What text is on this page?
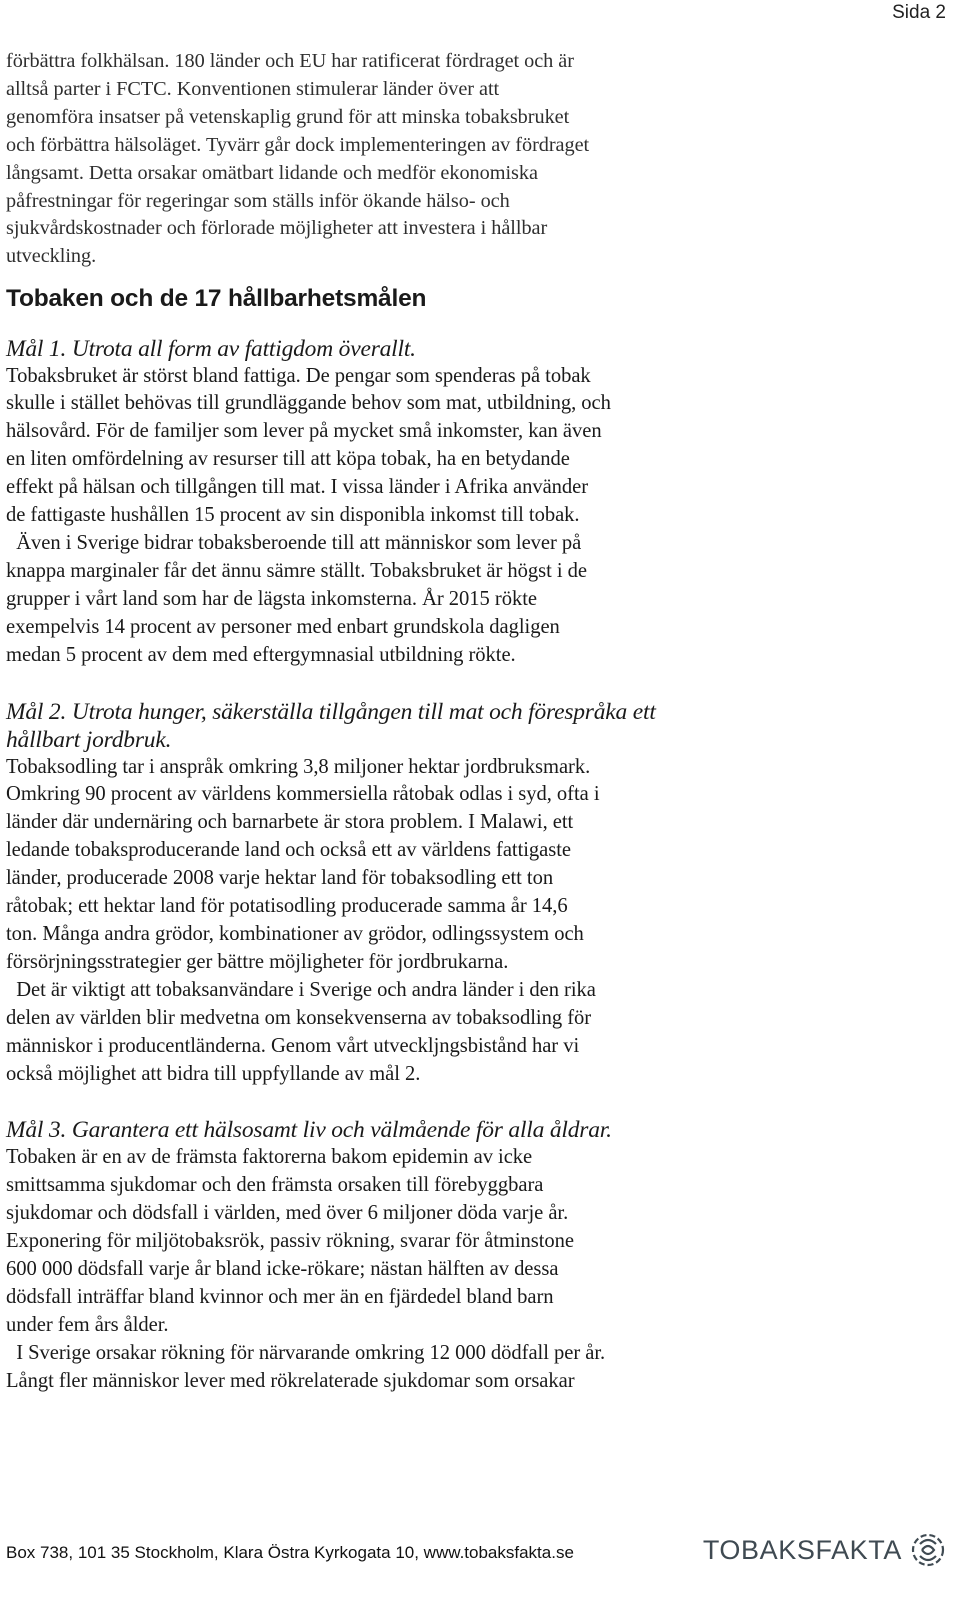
Sida 2
förbättra folkhälsan. 180 länder och EU har ratificerat fördraget och är
alltså parter i FCTC. Konventionen stimulerar länder över att
genomföra insatser på vetenskaplig grund för att minska tobaksbruket
och förbättra hälsoläget. Tyvärr går dock implementeringen av fördraget
långsamt. Detta orsakar omätbart lidande och medför ekonomiska
påfrestningar för regeringar som ställs inför ökande hälso- och
sjukvårdskostnader och förlorade möjligheter att investera i hållbar
utveckling.
Tobaken och de 17 hållbarhetsmålen
Mål 1. Utrota all form av fattigdom överallt.
Tobaksbruket är störst bland fattiga. De pengar som spenderas på tobak
skulle i stället behövas till grundläggande behov som mat, utbildning, och
hälsovård. För de familjer som lever på mycket små inkomster, kan även
en liten omfördelning av resurser till att köpa tobak, ha en betydande
effekt på hälsan och tillgången till mat. I vissa länder i Afrika använder
de fattigaste hushållen 15 procent av sin disponibla inkomst till tobak.
Även i Sverige bidrar tobaksberoende till att människor som lever på
knappa marginaler får det ännu sämre ställt. Tobaksbruket är högst i de
grupper i vårt land som har de lägsta inkomsterna. År 2015 rökte
exempelvis 14 procent av personer med enbart grundskola dagligen
medan 5 procent av dem med eftergymnasial utbildning rökte.
Mål 2. Utrota hunger, säkerställa tillgången till mat och förespråka ett
hållbart jordbruk.
Tobaksodling tar i anspråk omkring 3,8 miljoner hektar jordbruksmark.
Omkring 90 procent av världens kommersiella råtobak odlas i syd, ofta i
länder där undernäring och barnarbete är stora problem. I Malawi, ett
ledande tobaksproducerande land och också ett av världens fattigaste
länder, producerade 2008 varje hektar land för tobaksodling ett ton
råtobak; ett hektar land för potatisodling producerade samma år 14,6
ton. Många andra grödor, kombinationer av grödor, odlingssystem och
försörjningsstrategier ger bättre möjligheter för jordbrukarna.
Det är viktigt att tobaksanvändare i Sverige och andra länder i den rika
delen av världen blir medvetna om konsekvenserna av tobaksodling för
människor i producentländerna. Genom vårt utveckljngsbistånd har vi
också möjlighet att bidra till uppfyllande av mål 2.
Mål 3. Garantera ett hälsosamt liv och välmående för alla åldrar.
Tobaken är en av de främsta faktorerna bakom epidemin av icke
smittsamma sjukdomar och den främsta orsaken till förebyggbara
sjukdomar och dödsfall i världen, med över 6 miljoner döda varje år.
Exponering för miljötobaksrök, passiv rökning, svarar för åtminstone
600 000 dödsfall varje år bland icke-rökare; nästan hälften av dessa
dödsfall inträffar bland kvinnor och mer än en fjärdedel bland barn
under fem års ålder.
I Sverige orsakar rökning för närvarande omkring 12 000 dödfall per år.
Långt fler människor lever med rökrelaterade sjukdomar som orsakar
Box 738, 101 35 Stockholm, Klara Östra Kyrkogata 10, www.tobaksfakta.se	TOBAKSFAKTA
